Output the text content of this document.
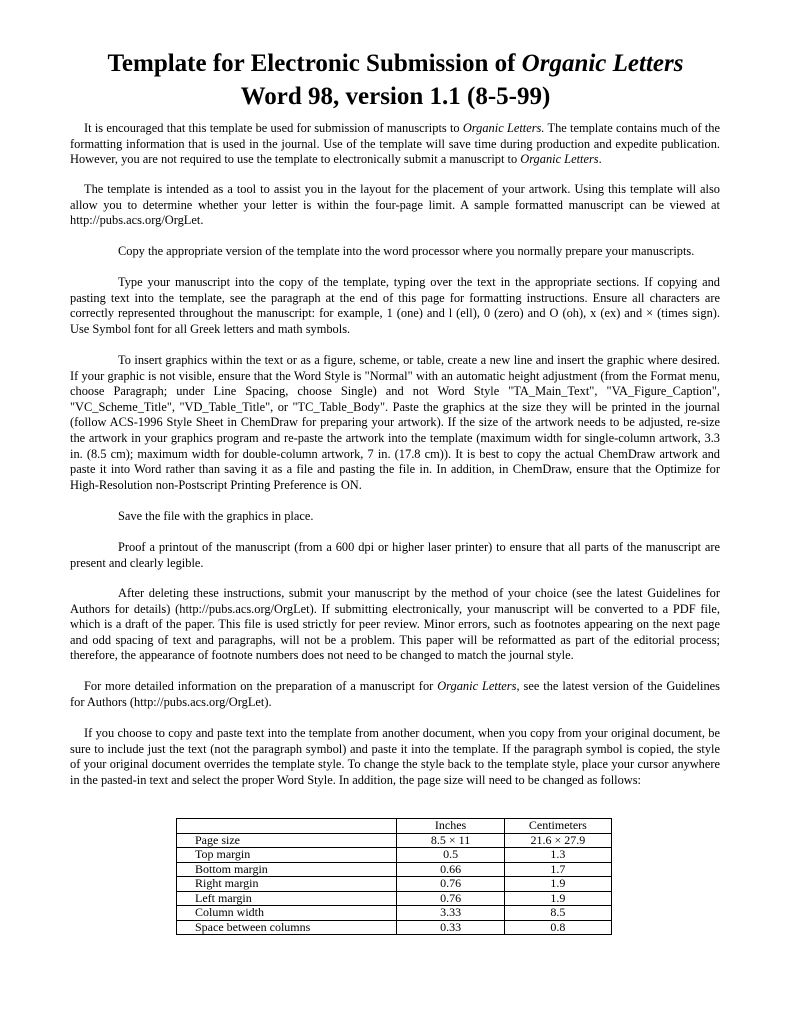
Template for Electronic Submission of Organic Letters
Word 98, version 1.1 (8-5-99)
It is encouraged that this template be used for submission of manuscripts to Organic Letters. The template contains much of the formatting information that is used in the journal. Use of the template will save time during production and expedite publication. However, you are not required to use the template to electronically submit a manuscript to Organic Letters.
The template is intended as a tool to assist you in the layout for the placement of your artwork. Using this template will also allow you to determine whether your letter is within the four-page limit. A sample formatted manuscript can be viewed at http://pubs.acs.org/OrgLet.
Copy the appropriate version of the template into the word processor where you normally prepare your manuscripts.
Type your manuscript into the copy of the template, typing over the text in the appropriate sections. If copying and pasting text into the template, see the paragraph at the end of this page for formatting instructions. Ensure all characters are correctly represented throughout the manuscript: for example, 1 (one) and l (ell), 0 (zero) and O (oh), x (ex) and × (times sign). Use Symbol font for all Greek letters and math symbols.
To insert graphics within the text or as a figure, scheme, or table, create a new line and insert the graphic where desired. If your graphic is not visible, ensure that the Word Style is "Normal" with an automatic height adjustment (from the Format menu, choose Paragraph; under Line Spacing, choose Single) and not Word Style "TA_Main_Text", "VA_Figure_Caption", "VC_Scheme_Title", "VD_Table_Title", or "TC_Table_Body". Paste the graphics at the size they will be printed in the journal (follow ACS-1996 Style Sheet in ChemDraw for preparing your artwork). If the size of the artwork needs to be adjusted, re-size the artwork in your graphics program and re-paste the artwork into the template (maximum width for single-column artwork, 3.3 in. (8.5 cm); maximum width for double-column artwork, 7 in. (17.8 cm)). It is best to copy the actual ChemDraw artwork and paste it into Word rather than saving it as a file and pasting the file in. In addition, in ChemDraw, ensure that the Optimize for High-Resolution non-Postscript Printing Preference is ON.
Save the file with the graphics in place.
Proof a printout of the manuscript (from a 600 dpi or higher laser printer) to ensure that all parts of the manuscript are present and clearly legible.
After deleting these instructions, submit your manuscript by the method of your choice (see the latest Guidelines for Authors for details) (http://pubs.acs.org/OrgLet). If submitting electronically, your manuscript will be converted to a PDF file, which is a draft of the paper. This file is used strictly for peer review. Minor errors, such as footnotes appearing on the next page and odd spacing of text and paragraphs, will not be a problem. This paper will be reformatted as part of the editorial process; therefore, the appearance of footnote numbers does not need to be changed to match the journal style.
For more detailed information on the preparation of a manuscript for Organic Letters, see the latest version of the Guidelines for Authors (http://pubs.acs.org/OrgLet).
If you choose to copy and paste text into the template from another document, when you copy from your original document, be sure to include just the text (not the paragraph symbol) and paste it into the template. If the paragraph symbol is copied, the style of your original document overrides the template style. To change the style back to the template style, place your cursor anywhere in the pasted-in text and select the proper Word Style. In addition, the page size will need to be changed as follows:
	Inches	Centimeters
Page size	8.5 × 11	21.6 × 27.9
Top margin	0.5	1.3
Bottom margin	0.66	1.7
Right margin	0.76	1.9
Left margin	0.76	1.9
Column width	3.33	8.5
Space between columns	0.33	0.8
